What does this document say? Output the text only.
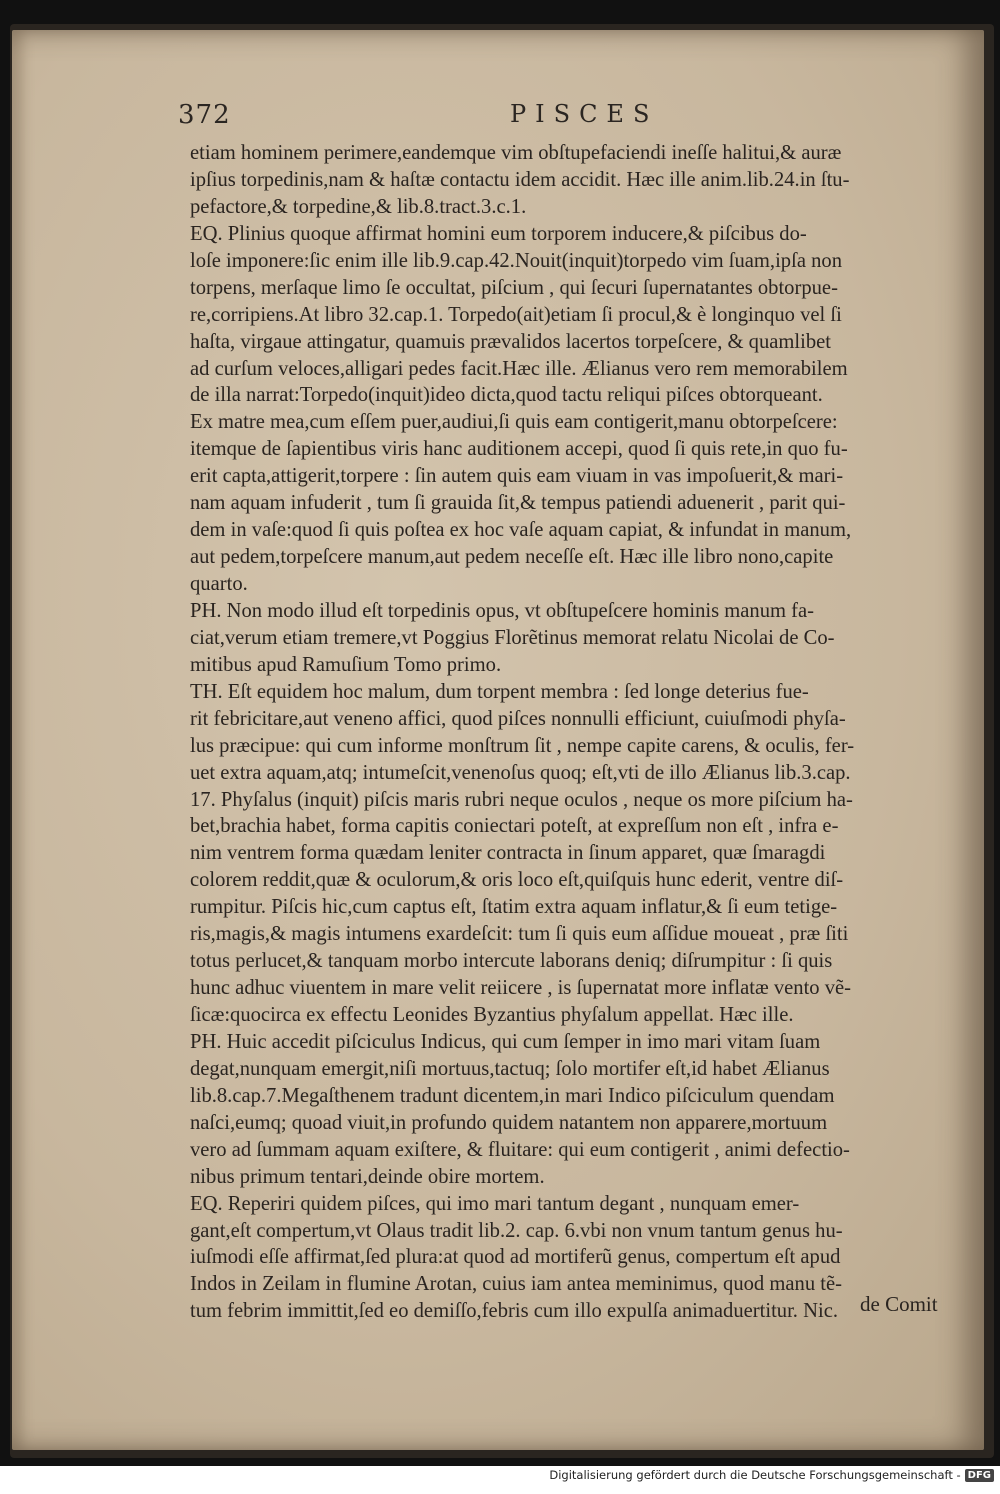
372	PISCES
etiam hominem perimere,eandemque vim obſtupefaciendi ineſſe halitui,& auræ
ipſius torpedinis,nam & haſtæ contactu idem accidit. Hæc ille anim.lib.24.in ſtu-
pefactore,& torpedine,& lib.8.tract.3.c.1.
EQ. Plinius quoque affirmat homini eum torporem inducere,& piſcibus do-
loſe imponere:ſic enim ille lib.9.cap.42.Nouit(inquit)torpedo vim ſuam,ipſa non
torpens, merſaque limo ſe occultat, piſcium , qui ſecuri ſupernatantes obtorpue-
re,corripiens.At libro 32.cap.1. Torpedo(ait)etiam ſi procul,& è longinquo vel ſi
haſta, virgaue attingatur, quamuis prævalidos lacertos torpeſcere, & quamlibet
ad curſum veloces,alligari pedes facit.Hæc ille. Ælianus vero rem memorabilem
de illa narrat:Torpedo(inquit)ideo dicta,quod tactu reliqui piſces obtorqueant.
Ex matre mea,cum eſſem puer,audiui,ſi quis eam contigerit,manu obtorpeſcere:
itemque de ſapientibus viris hanc auditionem accepi, quod ſi quis rete,in quo fu-
erit capta,attigerit,torpere : ſin autem quis eam viuam in vas impoſuerit,& mari-
nam aquam infuderit , tum ſi grauida ſit,& tempus patiendi aduenerit , parit qui-
dem in vaſe:quod ſi quis poſtea ex hoc vaſe aquam capiat, & infundat in manum,
aut pedem,torpeſcere manum,aut pedem neceſſe eſt. Hæc ille libro nono,capite
quarto.
PH. Non modo illud eſt torpedinis opus, vt obſtupeſcere hominis manum fa-
ciat,verum etiam tremere,vt Poggius Florẽtinus memorat relatu Nicolai de Co-
mitibus apud Ramuſium Tomo primo.
TH. Eſt equidem hoc malum, dum torpent membra : ſed longe deterius fue-
rit febricitare,aut veneno affici, quod piſces nonnulli efficiunt, cuiuſmodi phyſa-
lus præcipue: qui cum informe monſtrum ſit , nempe capite carens, & oculis, fer-
uet extra aquam,atq; intumeſcit,venenoſus quoq; eſt,vti de illo Ælianus lib.3.cap.
17. Phyſalus (inquit) piſcis maris rubri neque oculos , neque os more piſcium ha-
bet,brachia habet, forma capitis coniectari poteſt, at expreſſum non eſt , infra e-
nim ventrem forma quædam leniter contracta in ſinum apparet, quæ ſmaragdi
colorem reddit,quæ & oculorum,& oris loco eſt,quiſquis hunc ederit, ventre diſ-
rumpitur. Piſcis hic,cum captus eſt, ſtatim extra aquam inflatur,& ſi eum tetige-
ris,magis,& magis intumens exardeſcit: tum ſi quis eum aſſidue moueat , præ ſiti
totus perlucet,& tanquam morbo intercute laborans deniq; diſrumpitur : ſi quis
hunc adhuc viuentem in mare velit reiicere , is ſupernatat more inflatæ vento vẽ-
ſicæ:quocirca ex effectu Leonides Byzantius phyſalum appellat. Hæc ille.
PH. Huic accedit piſciculus Indicus, qui cum ſemper in imo mari vitam ſuam
degat,nunquam emergit,niſi mortuus,tactuq; ſolo mortifer eſt,id habet Ælianus
lib.8.cap.7.Megaſthenem tradunt dicentem,in mari Indico piſciculum quendam
naſci,eumq; quoad viuit,in profundo quidem natantem non apparere,mortuum
vero ad ſummam aquam exiſtere, & fluitare: qui eum contigerit , animi defectio-
nibus primum tentari,deinde obire mortem.
EQ. Reperiri quidem piſces, qui imo mari tantum degant , nunquam emer-
gant,eſt compertum,vt Olaus tradit lib.2. cap. 6.vbi non vnum tantum genus hu-
iuſmodi eſſe affirmat,ſed plura:at quod ad mortiferũ genus, compertum eſt apud
Indos in Zeilam in flumine Arotan, cuius iam antea meminimus, quod manu tẽ-
tum febrim immittit,ſed eo demiſſo,febris cum illo expulſa animaduertitur. Nic.	de Comit
Digitalisierung gefördert durch die Deutsche Forschungsgemeinschaft - DFG
